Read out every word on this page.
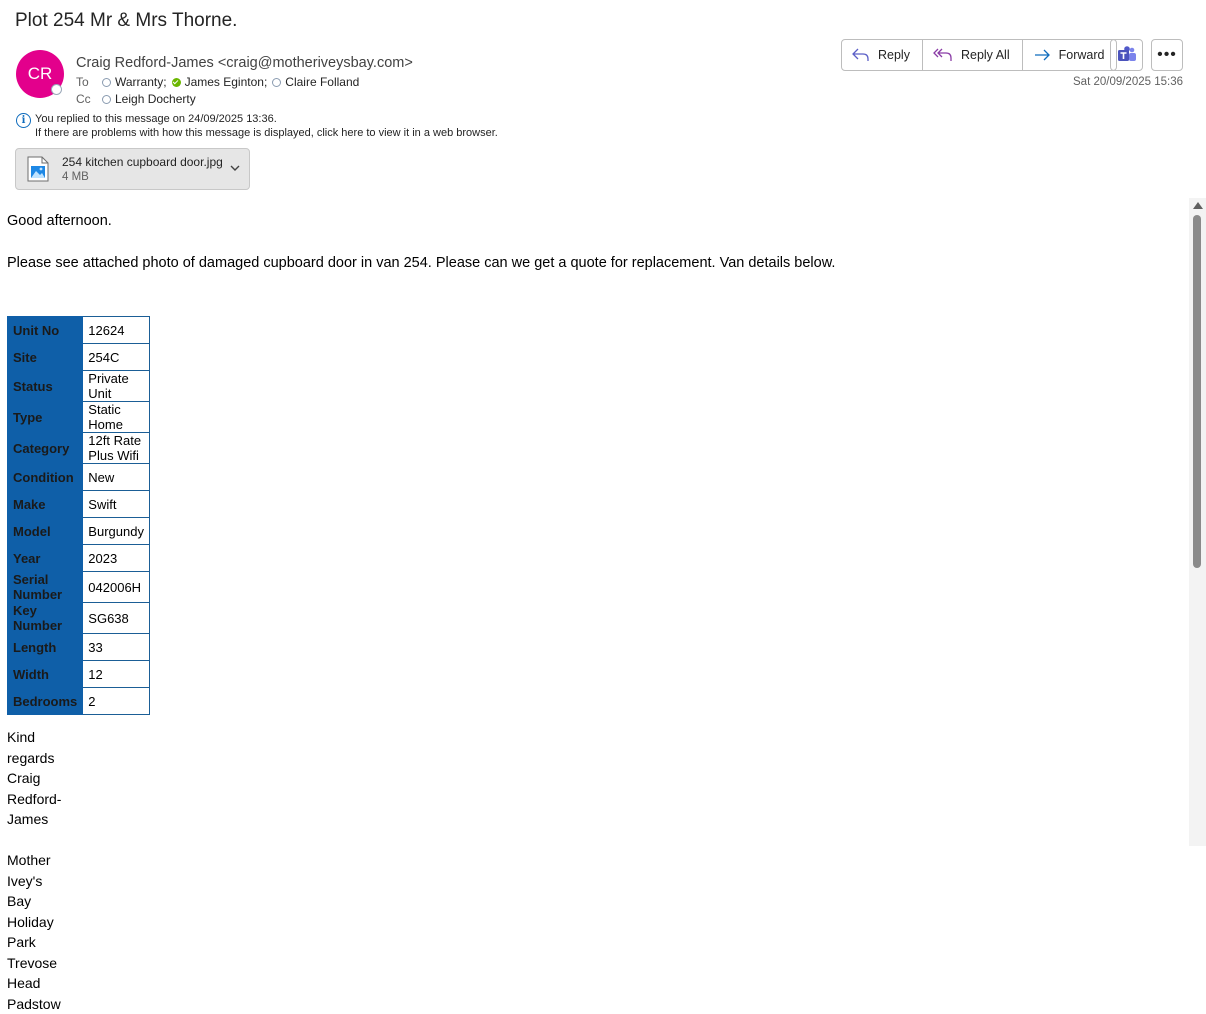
Plot 254 Mr & Mrs Thorne.
CR
Craig Redford-James <craig@motheriveysbay.com>
To	Warranty; James Eginton; Claire Folland
Cc	Leigh Docherty
Reply	Reply All	Forward	•••
Sat 20/09/2025 15:36
i You replied to this message on 24/09/2025 13:36.
If there are problems with how this message is displayed, click here to view it in a web browser.
254 kitchen cupboard door.jpg
4 MB
Good afternoon.
Please see attached photo of damaged cupboard door in van 254. Please can we get a quote for replacement. Van details below.
Unit No	12624
Site	254C
Status	Private Unit
Type	Static Home
Category	12ft Rate Plus Wifi
Condition	New
Make	Swift
Model	Burgundy
Year	2023
Serial Number	042006H
Key Number	SG638
Length	33
Width	12
Bedrooms	2
Kind regards
Craig Redford-James
Mother Ivey's Bay Holiday Park
Trevose Head
Padstow
